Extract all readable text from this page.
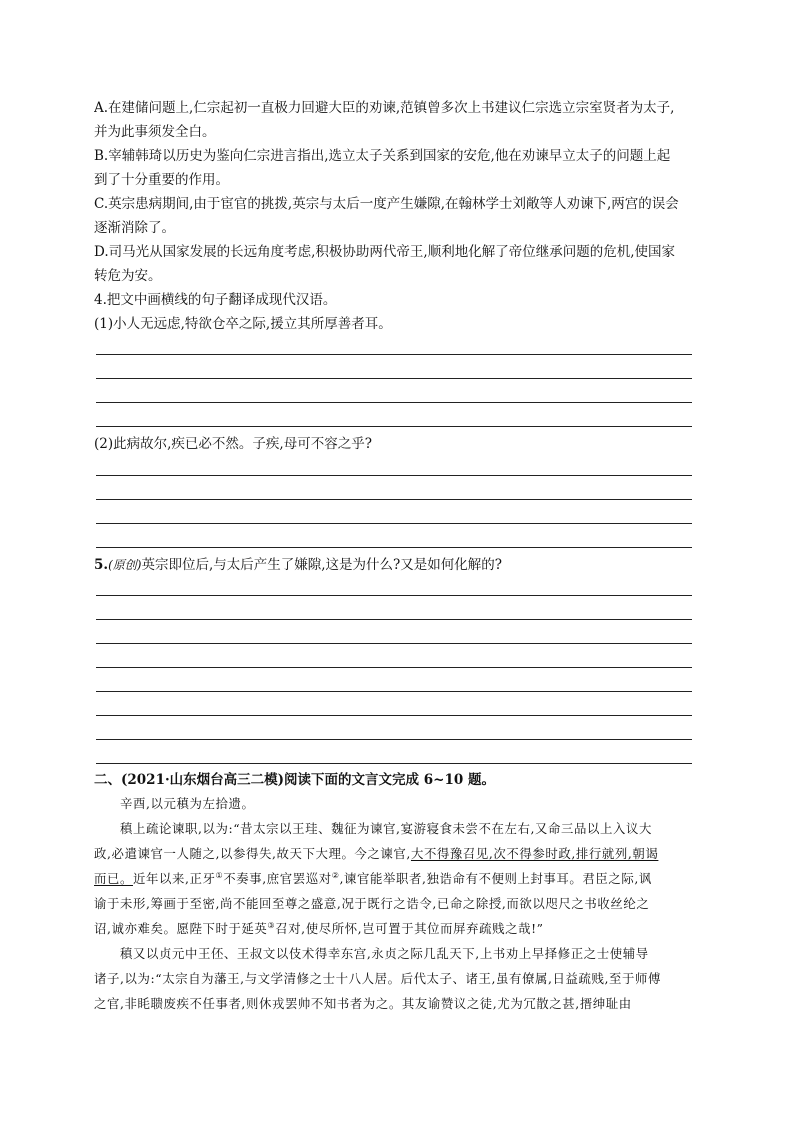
A.在建储问题上,仁宗起初一直极力回避大臣的劝谏,范镇曾多次上书建议仁宗选立宗室贤者为太子,
并为此事须发全白。
B.宰辅韩琦以历史为鉴向仁宗进言指出,选立太子关系到国家的安危,他在劝谏早立太子的问题上起
到了十分重要的作用。
C.英宗患病期间,由于宦官的挑拨,英宗与太后一度产生嫌隙,在翰林学士刘敞等人劝谏下,两宫的误会
逐渐消除了。
D.司马光从国家发展的长远角度考虑,积极协助两代帝王,顺利地化解了帝位继承问题的危机,使国家
转危为安。
4.把文中画横线的句子翻译成现代汉语。
(1)小人无远虑,特欲仓卒之际,援立其所厚善者耳。
(2)此病故尔,疾已必不然。子疾,母可不容之乎?
5.(原创)英宗即位后,与太后产生了嫌隙,这是为什么?又是如何化解的?
二、(2021·山东烟台高三二模)阅读下面的文言文完成 6~10 题。
辛酉,以元稹为左拾遗。
稹上疏论谏职,以为:“昔太宗以王珪、魏征为谏官,宴游寝食未尝不在左右,又命三品以上入议大
政,必遣谏官一人随之,以参得失,故天下大理。今之谏官,大不得豫召见,次不得参时政,排行就列,朝谒
而已。近年以来,正牙①不奏事,庶官罢巡对②,谏官能举职者,独诰命有不便则上封事耳。君臣之际,讽
谕于未形,筹画于至密,尚不能回至尊之盛意,况于既行之诰令,已命之除授,而欲以咫尺之书收丝纶之
诏,诚亦难矣。愿陛下时于延英③召对,使尽所怀,岂可置于其位而屏弃疏贱之哉!”
稹又以贞元中王伾、王叔文以伎术得幸东宫,永贞之际几乱天下,上书劝上早择修正之士使辅导
诸子,以为:“太宗自为藩王,与文学清修之士十八人居。后代太子、诸王,虽有僚属,日益疏贱,至于师傅
之官,非眊聩废疾不任事者,则休戎罢帅不知书者为之。其友谕赞议之徒,尤为冗散之甚,搢绅耻由
